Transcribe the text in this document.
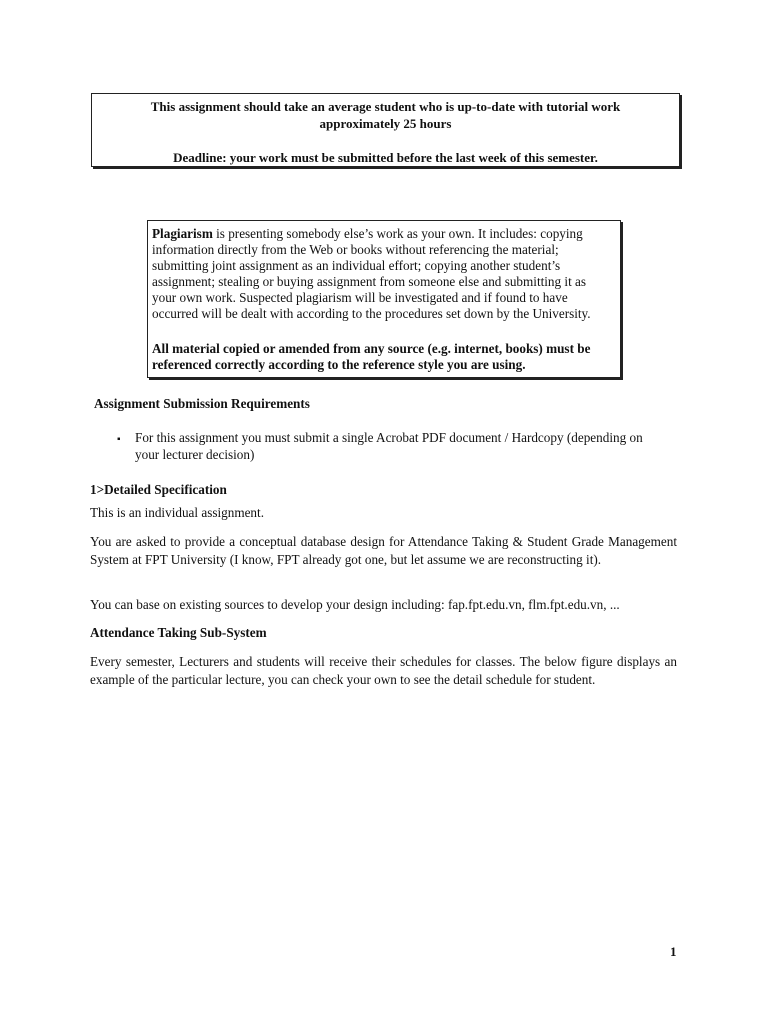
This assignment should take an average student who is up-to-date with tutorial work
approximately 25 hours
Deadline: your work must be submitted before the last week of this semester.
Plagiarism is presenting somebody else’s work as your own. It includes: copying
information directly from the Web or books without referencing the material;
submitting joint assignment as an individual effort; copying another student’s
assignment; stealing or buying assignment from someone else and submitting it as
your own work. Suspected plagiarism will be investigated and if found to have
occurred will be dealt with according to the procedures set down by the University.
All material copied or amended from any source (e.g. internet, books) must be
referenced correctly according to the reference style you are using.
Assignment Submission Requirements
▪ For this assignment you must submit a single Acrobat PDF document / Hardcopy (depending on
your lecturer decision)
1>Detailed Specification
This is an individual assignment.
You are asked to provide a conceptual database design for Attendance Taking & Student Grade Management System at FPT University (I know, FPT already got one, but let assume we are reconstructing it).
You can base on existing sources to develop your design including: fap.fpt.edu.vn, flm.fpt.edu.vn, ...
Attendance Taking Sub-System
Every semester, Lecturers and students will receive their schedules for classes. The below figure displays an example of the particular lecture, you can check your own to see the detail schedule for student.
1
